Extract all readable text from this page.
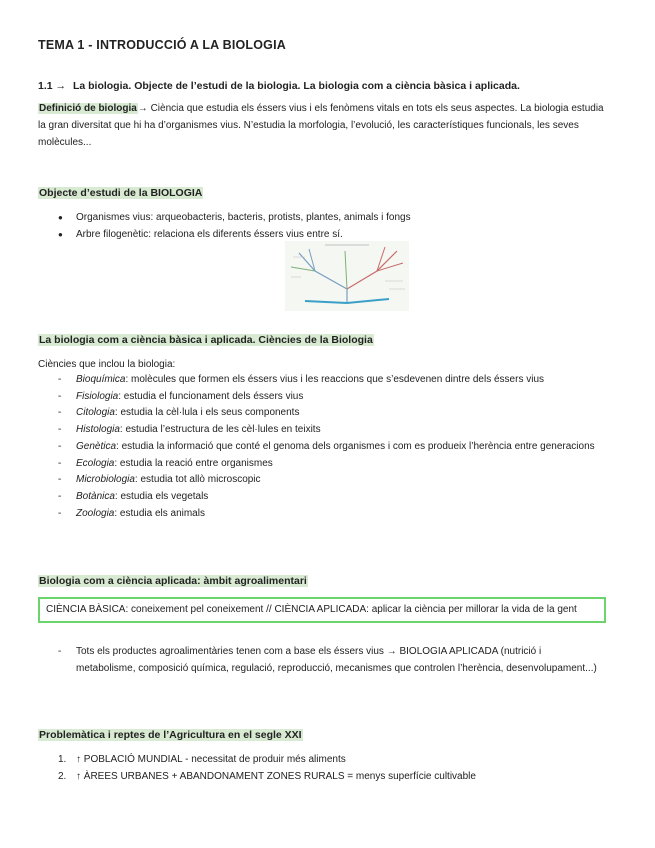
TEMA 1 - INTRODUCCIÓ A LA BIOLOGIA
1.1 → La biologia. Objecte de l’estudi de la biologia. La biologia com a ciència bàsica i aplicada.
Definició de biologia→ Ciència que estudia els éssers vius i els fenòmens vitals en tots els seus aspectes. La biologia estudia la gran diversitat que hi ha d’organismes vius. N’estudia la morfologia, l’evolució, les característiques funcionals, les seves molècules...
Objecte d’estudi de la BIOLOGIA
● Organismes vius: arqueobacteris, bacteris, protists, plantes, animals i fongs
● Arbre filogenètic: relaciona els diferents éssers vius entre sí.
La biologia com a ciència bàsica i aplicada. Ciències de la Biologia
Ciències que inclou la biologia:
- Bioquímica: molècules que formen els éssers vius i les reaccions que s’esdevenen dintre dels éssers vius
- Fisiologia: estudia el funcionament dels éssers vius
- Citologia: estudia la cèl·lula i els seus components
- Histologia: estudia l’estructura de les cèl·lules en teixits
- Genètica: estudia la informació que conté el genoma dels organismes i com es produeix l’herència entre generacions
- Ecologia: estudia la reació entre organismes
- Microbiologia: estudia tot allò microscopic
- Botànica: estudia els vegetals
- Zoologia: estudia els animals
Biologia com a ciència aplicada: àmbit agroalimentari
CIÈNCIA BÀSICA: coneixement pel coneixement // CIÈNCIA APLICADA: aplicar la ciència per millorar la vida de la gent
- Tots els productes agroalimentàries tenen com a base els éssers vius → BIOLOGIA APLICADA (nutrició i metabolisme, composició química, regulació, reproducció, mecanismes que controlen l’herència, desenvolupament...)
Problemàtica i reptes de l’Agricultura en el segle XXI
1. ↑ POBLACIÓ MUNDIAL - necessitat de produir més aliments
2. ↑ ÀREES URBANES + ABANDONAMENT ZONES RURALS = menys superfície cultivable
